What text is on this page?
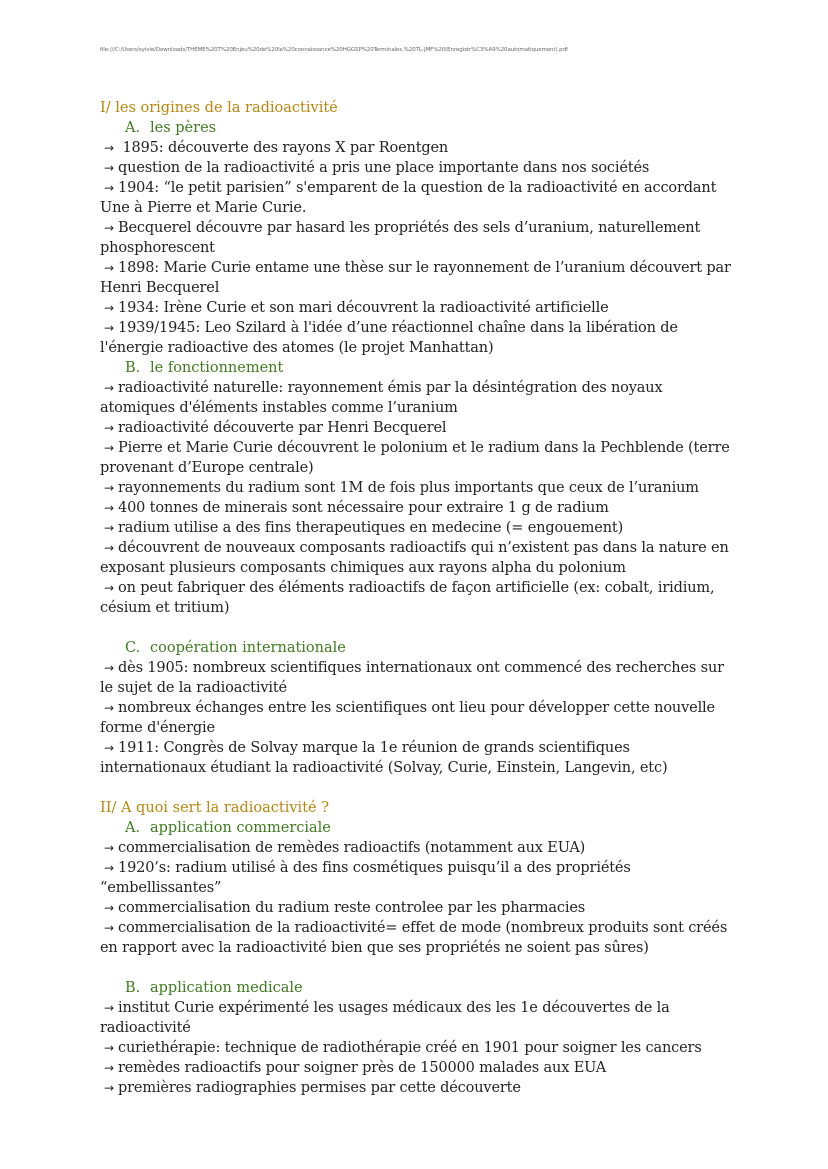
file:///C:/Users/sylvie/Downloads/THEME%20T%20Enjeu%20de%20la%20connaissance%20HGGSP%20Terminales.%20TL-JMF%20(Enregistr%C3%A9%20automatiquement).pdf
I/ les origines de la radioactivité
A. les pères
→ 1895: découverte des rayons X par Roentgen
→ question de la radioactivité a pris une place importante dans nos sociétés
→ 1904: “le petit parisien” s'emparent de la question de la radioactivité en accordant Une à Pierre et Marie Curie.
→ Becquerel découvre par hasard les propriétés des sels d’uranium, naturellement phosphorescent
→ 1898: Marie Curie entame une thèse sur le rayonnement de l’uranium découvert par Henri Becquerel
→ 1934: Irène Curie et son mari découvrent la radioactivité artificielle
→ 1939/1945: Leo Szilard à l'idée d’une réactionnel chaîne dans la libération de l'énergie radioactive des atomes (le projet Manhattan)
B. le fonctionnement
→ radioactivité naturelle: rayonnement émis par la désintégration des noyaux atomiques d'éléments instables comme l’uranium
→ radioactivité découverte par Henri Becquerel
→ Pierre et Marie Curie découvrent le polonium et le radium dans la Pechblende (terre provenant d’Europe centrale)
→ rayonnements du radium sont 1M de fois plus importants que ceux de l’uranium
→ 400 tonnes de minerais sont nécessaire pour extraire 1 g de radium
→ radium utilise a des fins therapeutiques en medecine (= engouement)
→ découvrent de nouveaux composants radioactifs qui n’existent pas dans la nature en exposant plusieurs composants chimiques aux rayons alpha du polonium
→ on peut fabriquer des éléments radioactifs de façon artificielle (ex: cobalt, iridium, césium et tritium)
C. coopération internationale
→ dès 1905: nombreux scientifiques internationaux ont commencé des recherches sur le sujet de la radioactivité
→ nombreux échanges entre les scientifiques ont lieu pour développer cette nouvelle forme d'énergie
→ 1911: Congrès de Solvay marque la 1e réunion de grands scientifiques internationaux étudiant la radioactivité (Solvay, Curie, Einstein, Langevin, etc)
II/ A quoi sert la radioactivité ?
A. application commerciale
→ commercialisation de remèdes radioactifs (notamment aux EUA)
→ 1920’s: radium utilisé à des fins cosmétiques puisqu’il a des propriétés “embellissantes”
→ commercialisation du radium reste controlee par les pharmacies
→ commercialisation de la radioactivité= effet de mode (nombreux produits sont créés en rapport avec la radioactivité bien que ses propriétés ne soient pas sûres)
B. application medicale
→ institut Curie expérimenté les usages médicaux des les 1e découvertes de la radioactivité
→ curiethérapie: technique de radiothérapie créé en 1901 pour soigner les cancers
→ remèdes radioactifs pour soigner près de 150000 malades aux EUA
→ premières radiographies permises par cette découverte
